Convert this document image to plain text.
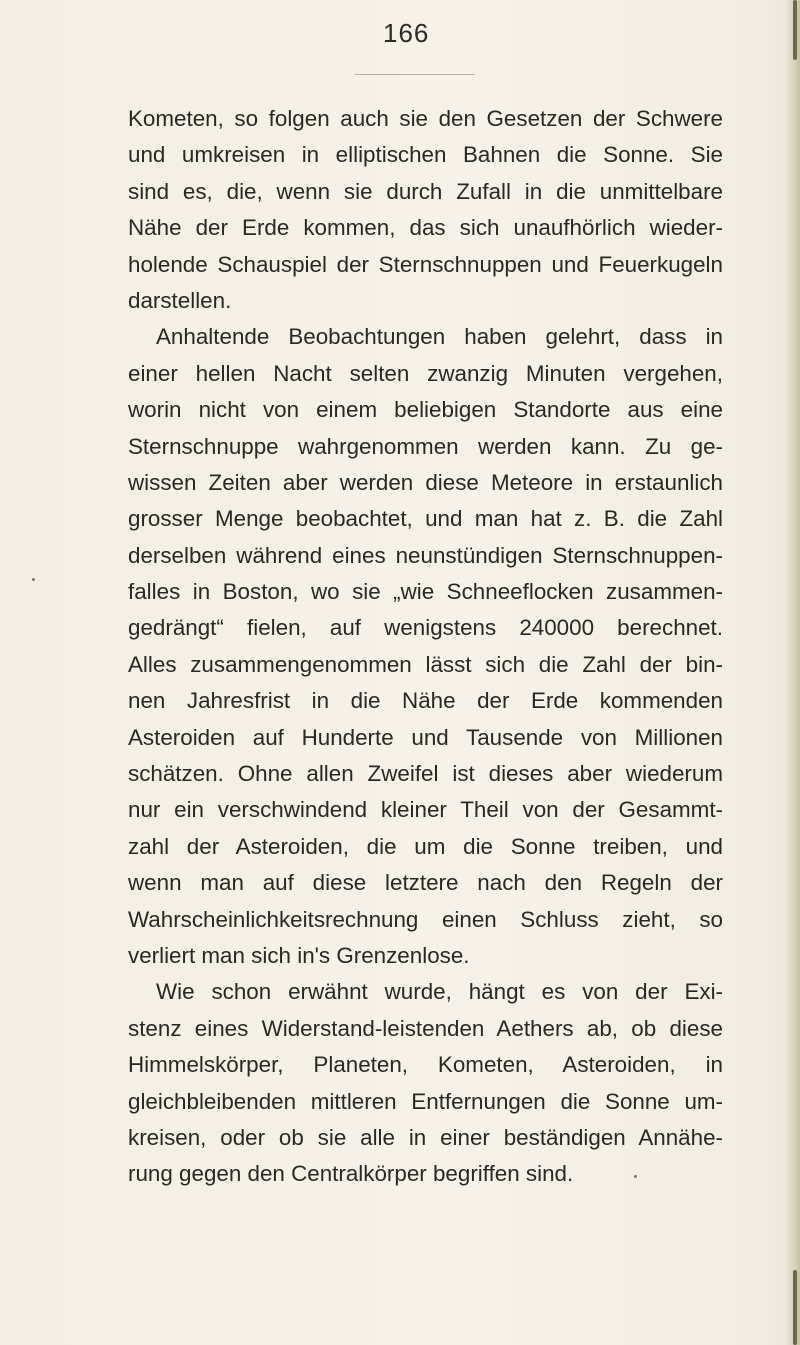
166
Kometen, so folgen auch sie den Gesetzen der Schwere
und umkreisen in elliptischen Bahnen die Sonne. Sie
sind es, die, wenn sie durch Zufall in die unmittelbare
Nähe der Erde kommen, das sich unaufhörlich wieder-
holende Schauspiel der Sternschnuppen und Feuerkugeln
darstellen.
Anhaltende Beobachtungen haben gelehrt, dass in
einer hellen Nacht selten zwanzig Minuten vergehen,
worin nicht von einem beliebigen Standorte aus eine
Sternschnuppe wahrgenommen werden kann. Zu ge-
wissen Zeiten aber werden diese Meteore in erstaunlich
grosser Menge beobachtet, und man hat z. B. die Zahl
derselben während eines neunstündigen Sternschnuppen-
falles in Boston, wo sie „wie Schneeflocken zusammen-
gedrängt“ fielen, auf wenigstens 240000 berechnet.
Alles zusammengenommen lässt sich die Zahl der bin-
nen Jahresfrist in die Nähe der Erde kommenden
Asteroiden auf Hunderte und Tausende von Millionen
schätzen. Ohne allen Zweifel ist dieses aber wiederum
nur ein verschwindend kleiner Theil von der Gesammt-
zahl der Asteroiden, die um die Sonne treiben, und
wenn man auf diese letztere nach den Regeln der
Wahrscheinlichkeitsrechnung einen Schluss zieht, so
verliert man sich in's Grenzenlose.
Wie schon erwähnt wurde, hängt es von der Exi-
stenz eines Widerstand-leistenden Aethers ab, ob diese
Himmelskörper, Planeten, Kometen, Asteroiden, in
gleichbleibenden mittleren Entfernungen die Sonne um-
kreisen, oder ob sie alle in einer beständigen Annähe-
rung gegen den Centralkörper begriffen sind.
